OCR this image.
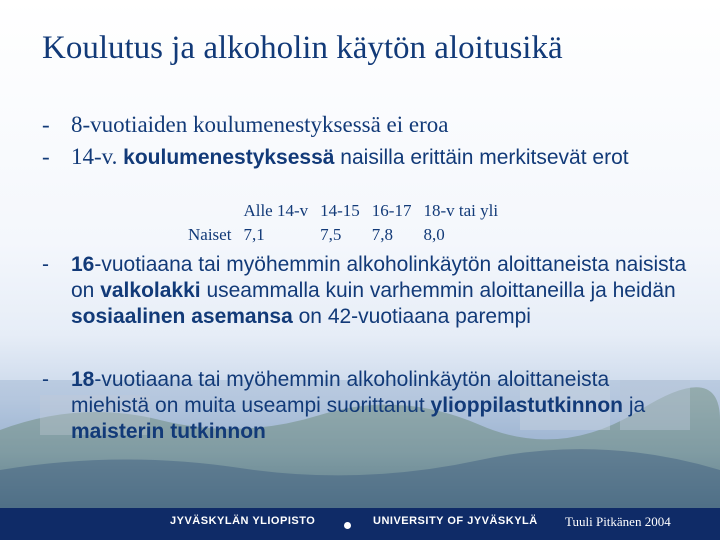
Koulutus ja alkoholin käytön aloitusikä

- 8-vuotiaiden koulumenestyksessä ei eroa

- 14-v. koulumenestyksessä naisilla erittäin merkitsevät erot

	Alle 14-v	14-15	16-17	18-v tai yli
Naiset	7,1	7,5	7,8	8,0

-	16-vuotiaana tai myöhemmin alkoholinkäytön aloittaneista naisista on valkolakki useammalla kuin varhemmin aloittaneilla ja heidän sosiaalinen asemansa on 42-vuotiaana parempi

-	18-vuotiaana tai myöhemmin alkoholinkäytön aloittaneista miehistä on muita useampi suorittanut ylioppilastutkinnon ja maisterin tutkinnon

JYVÄSKYLÄN YLIOPISTO	UNIVERSITY OF JYVÄSKYLÄ Tuuli Pitkänen 2004
